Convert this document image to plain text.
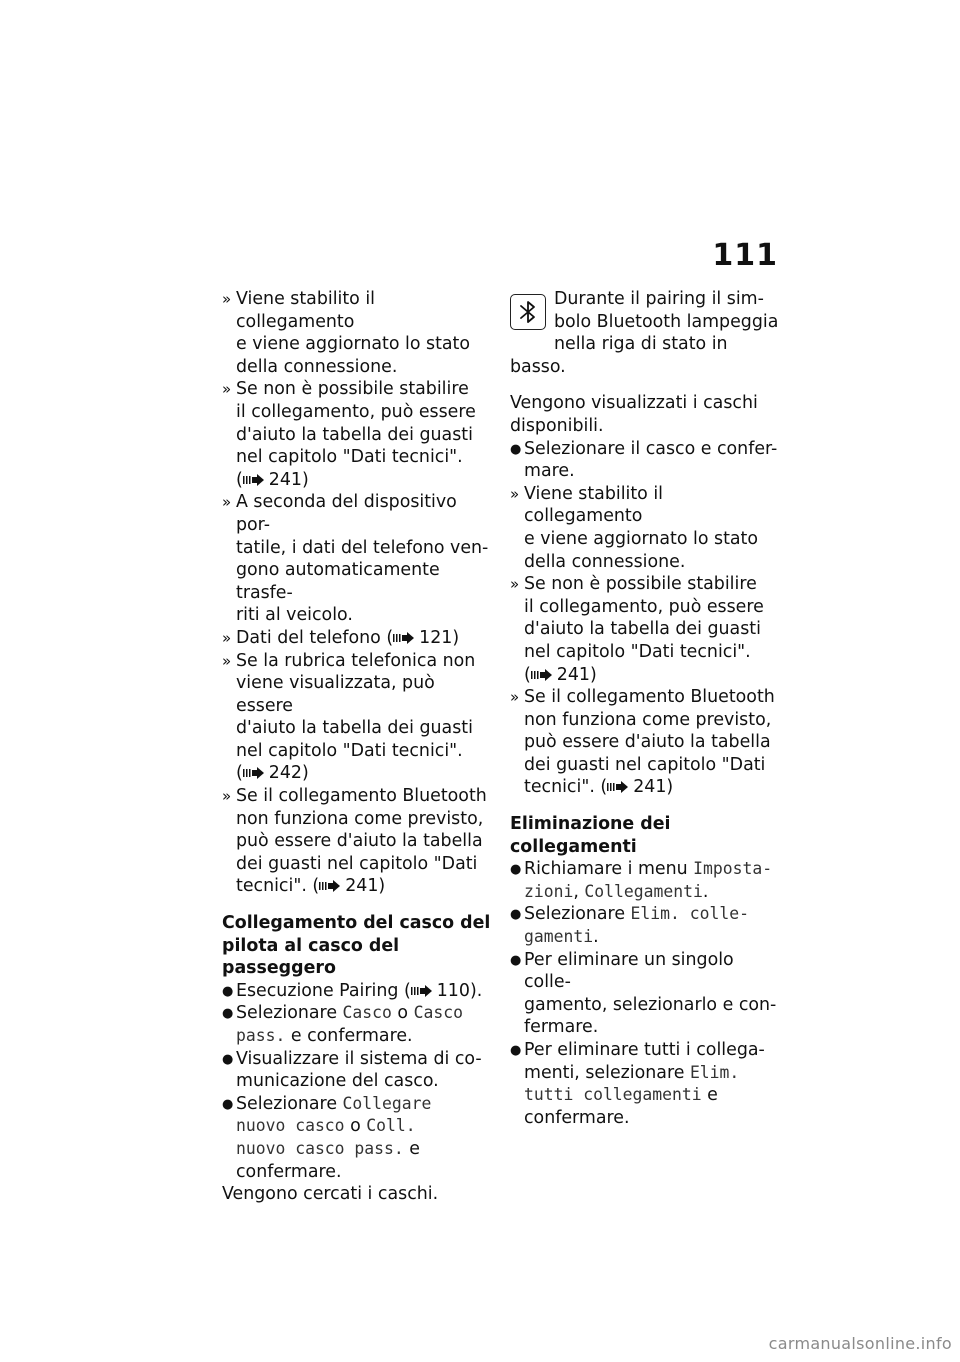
111
» Viene stabilito il collegamento
e viene aggiornato lo stato
della connessione.
» Se non è possibile stabilire
il collegamento, può essere
d'aiuto la tabella dei guasti
nel capitolo "Dati tecnici".
( 241)
» A seconda del dispositivo por-
tatile, i dati del telefono ven-
gono automaticamente trasfe-
riti al veicolo.
» Dati del telefono ( 121)
» Se la rubrica telefonica non
viene visualizzata, può essere
d'aiuto la tabella dei guasti
nel capitolo "Dati tecnici".
( 242)
» Se il collegamento Bluetooth
non funziona come previsto,
può essere d'aiuto la tabella
dei guasti nel capitolo "Dati
tecnici". ( 241)
Collegamento del casco del
pilota al casco del passeggero
● Esecuzione Pairing ( 110).
● Selezionare Casco o Casco
pass. e confermare.
● Visualizzare il sistema di co-
municazione del casco.
● Selezionare Collegare
nuovo casco o Coll.
nuovo casco pass. e
confermare.

Vengono cercati i caschi.

Durante il pairing il sim-
bolo Bluetooth lampeggia
nella riga di stato in basso.

Vengono visualizzati i caschi
disponibili.

● Selezionare il casco e confer-
mare.
» Viene stabilito il collegamento
e viene aggiornato lo stato
della connessione.
» Se non è possibile stabilire
il collegamento, può essere
d'aiuto la tabella dei guasti
nel capitolo "Dati tecnici".
( 241)
» Se il collegamento Bluetooth
non funziona come previsto,
può essere d'aiuto la tabella
dei guasti nel capitolo "Dati
tecnici". ( 241)
Eliminazione dei collegamenti
● Richiamare i menu Imposta-
zioni, Collegamenti.
● Selezionare Elim. colle-
gamenti.
● Per eliminare un singolo colle-
gamento, selezionarlo e con-
fermare.
● Per eliminare tutti i collega-
menti, selezionare Elim.
tutti collegamenti e
confermare.
carmanualsonline.info
